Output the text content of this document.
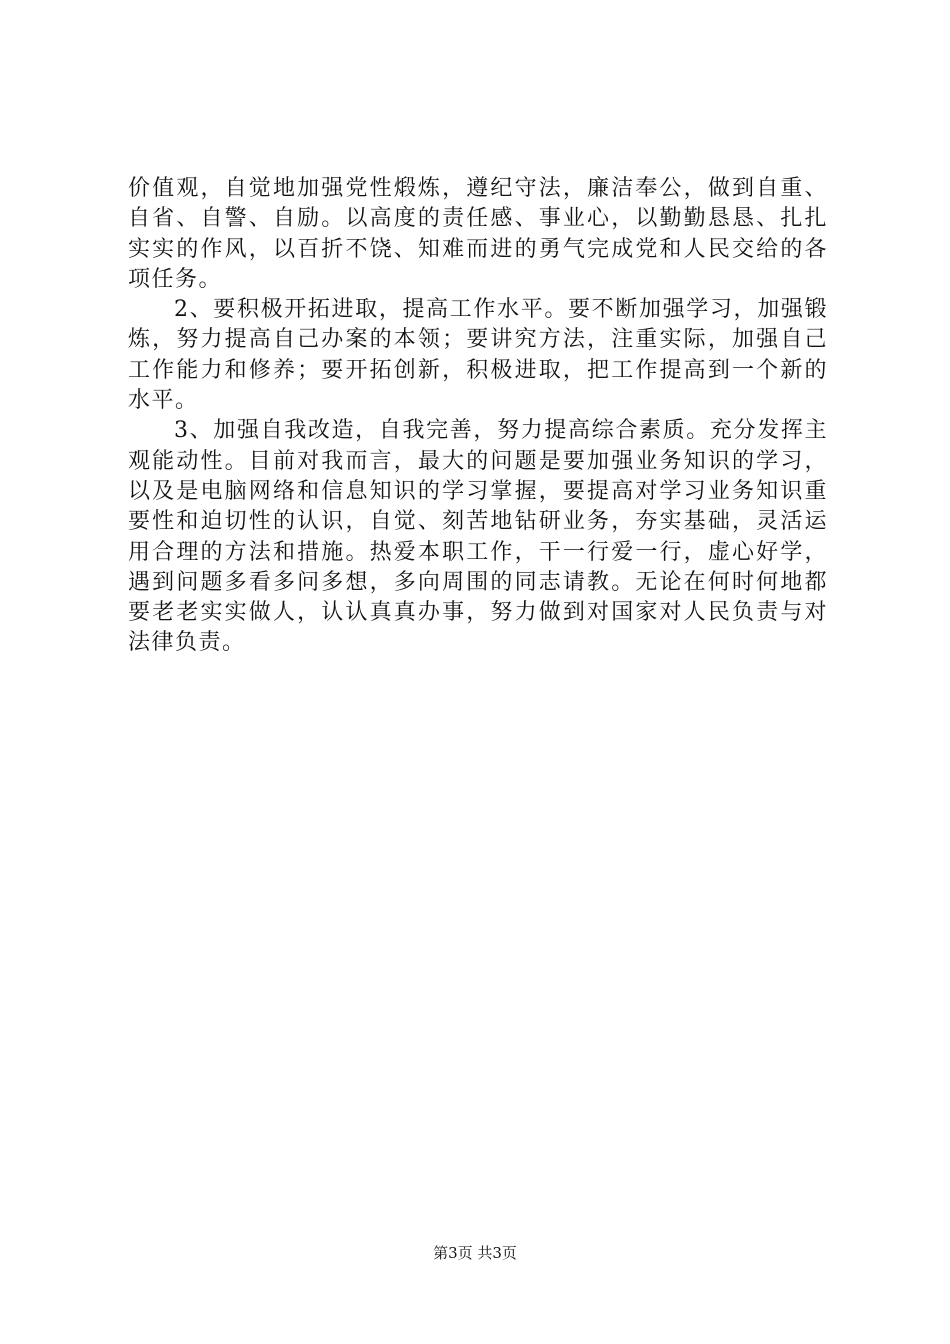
价值观，自觉地加强党性煅炼，遵纪守法，廉洁奉公，做到自重、自省、自警、自励。以高度的责任感、事业心，以勤勤恳恳、扎扎实实的作风，以百折不饶、知难而进的勇气完成党和人民交给的各项任务。

2、要积极开拓进取，提高工作水平。要不断加强学习，加强锻炼，努力提高自己办案的本领；要讲究方法，注重实际，加强自己工作能力和修养；要开拓创新，积极进取，把工作提高到一个新的水平。

3、加强自我改造，自我完善，努力提高综合素质。充分发挥主观能动性。目前对我而言，最大的问题是要加强业务知识的学习，以及是电脑网络和信息知识的学习掌握，要提高对学习业务知识重要性和迫切性的认识，自觉、刻苦地钻研业务，夯实基础，灵活运用合理的方法和措施。热爱本职工作，干一行爱一行，虚心好学，遇到问题多看多问多想，多向周围的同志请教。无论在何时何地都要老老实实做人，认认真真办事，努力做到对国家对人民负责与对法律负责。

第3页 共3页
